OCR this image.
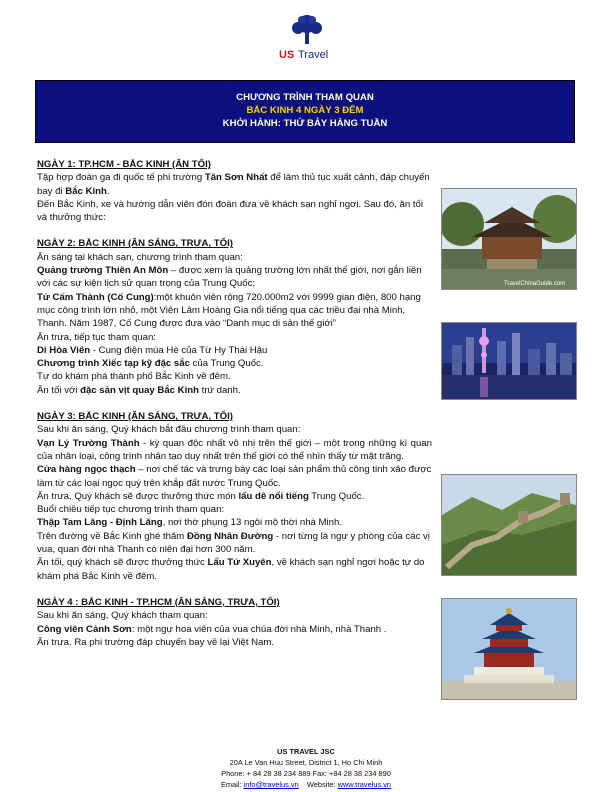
US Travel
CHƯƠNG TRÌNH THAM QUAN
BẮC KINH 4 NGÀY 3 ĐÊM
KHỞI HÀNH: THỨ BẢY HÀNG TUẦN

NGÀY 1: TP.HCM - BẮC KINH (ĂN TỐI)

Tập hợp đoàn ga đi quốc tế phi trường Tân Sơn Nhất để làm thủ tục xuất cảnh, đáp chuyến bay đi Bắc Kinh.

Đến Bắc Kinh, xe và hướng dẫn viên đón đoàn đưa về khách sạn nghỉ ngơi. Sau đó, ăn tối và thưởng thức:

NGÀY 2: BẮC KINH (ĂN SÁNG, TRƯA, TỐI)

Ăn sáng tại khách sạn, chương trình tham quan:

Quảng trường Thiên An Môn – được xem là quảng trường lớn nhất thế giới, nơi gắn liền với các sự kiện lịch sử quan trọng của Trung Quốc;

Tử Cấm Thành (Cố Cung):một khuôn viên rộng 720.000m2 với 9999 gian điện, 800 hạng mục công trình lớn nhỏ, một Viên Lâm Hoàng Gia nổi tiếng qua các triều đại nhà Minh, Thanh. Năm 1987, Cố Cung được đưa vào “Danh mục di sản thế giới”

Ăn trưa, tiếp tục tham quan:

Di Hòa Viên - Cung điện mùa Hè của Từ Hy Thái Hậu

Chương trình Xiếc tạp kỹ đặc sắc của Trung Quốc.

Tự do khám phá thành phố Bắc Kinh về đêm.

Ăn tối với đặc sản vịt quay Bắc Kinh trứ danh.

NGÀY 3: BẮC KINH (ĂN SÁNG, TRƯA, TỐI)

Sau khi ăn sáng, Quý khách bắt đầu chương trình tham quan:

Vạn Lý Trường Thành - kỳ quan độc nhất vô nhị trên thế giới – một trong những kì quan của nhân loại, công trình nhân tạo duy nhất trên thế giới có thể nhìn thấy từ mặt trăng.

Cửa hàng ngọc thạch – nơi chế tác và trưng bày các loại sản phẩm thủ công tinh xảo được làm từ các loại ngọc quý trên khắp đất nước Trung Quốc.

Ăn trưa, Quý khách sẽ được thưởng thức món lẩu dê nổi tiếng Trung Quốc.

Buổi chiều tiếp tục chương trình tham quan:

Thập Tam Lăng - Định Lăng, nơi thờ phụng 13 ngôi mộ thời nhà Minh.

Trên đường về Bắc Kinh ghé thăm Đồng Nhân Đường - nơi từng là ngự y phòng của các vị vua, quan đời nhà Thanh có niên đại hơn 300 năm.

Ăn tối, quý khách sẽ được thưởng thức Lẩu Tứ Xuyên, về khách sạn nghỉ ngơi hoặc tự do khám phá Bắc Kinh về đêm.

NGÀY 4 : BẮC KINH - TP.HCM (ĂN SÁNG, TRƯA, TỐI)

Sau khi ăn sáng, Quý khách tham quan:

Công viên Cảnh Sơn: một ngự hoa viên của vua chúa đời nhà Minh, nhà Thanh .

Ăn trưa. Ra phi trường đáp chuyến bay về lại Việt Nam.

TravelChinaGuide.com
US TRAVEL JSC
20A Le Van Huu Street, District 1, Ho Chi Minh
Phone: + 84 28 38 234 889 Fax: +84 28 38 234 890
Email: info@travelus.vn    Website: www.travelus.vn
